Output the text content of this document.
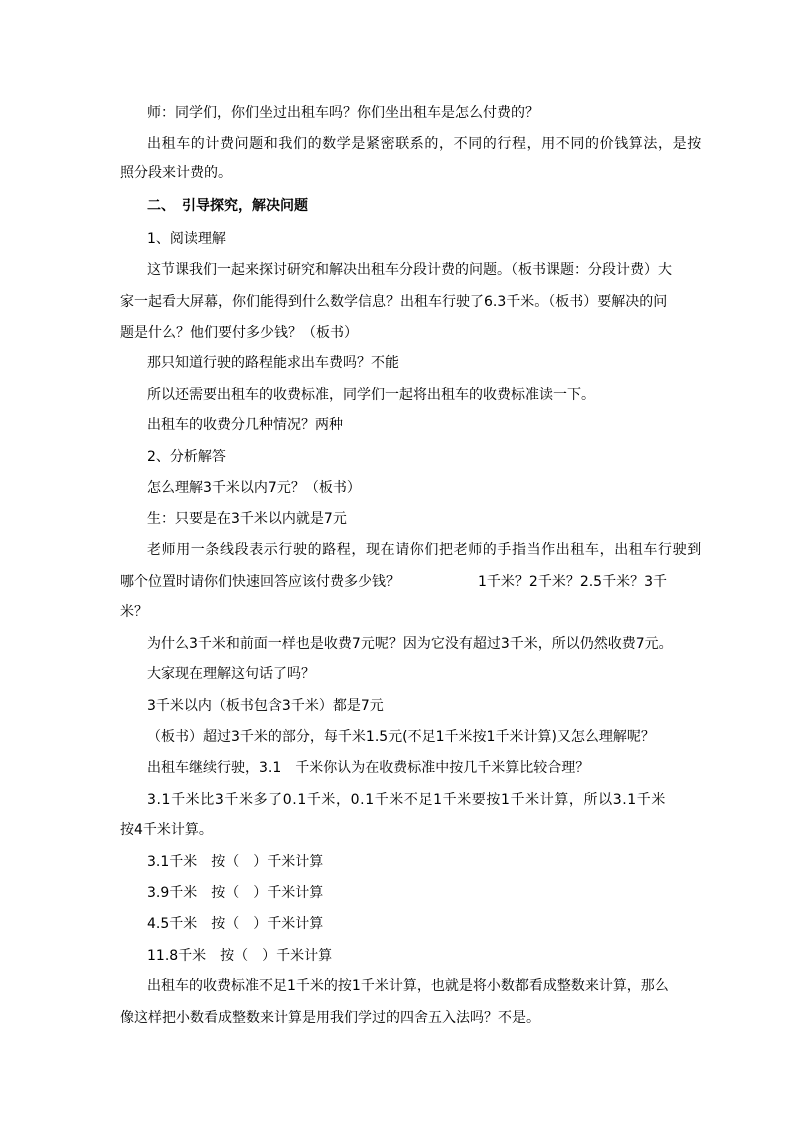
师：同学们，你们坐过出租车吗？你们坐出租车是怎么付费的？
出租车的计费问题和我们的数学是紧密联系的，不同的行程，用不同的价钱算法，是按
照分段来计费的。
二、　引导探究，解决问题
1、阅读理解
这节课我们一起来探讨研究和解决出租车分段计费的问题。（板书课题：分段计费）大
家一起看大屏幕，你们能得到什么数学信息？出租车行驶了6.3千米。（板书）要解决的问
题是什么？他们要付多少钱？（板书）
那只知道行驶的路程能求出车费吗？不能
所以还需要出租车的收费标准，同学们一起将出租车的收费标准读一下。
出租车的收费分几种情况？两种
2、分析解答
怎么理解3千米以内7元？（板书）
生：只要是在3千米以内就是7元
老师用一条线段表示行驶的路程，现在请你们把老师的手指当作出租车，出租车行驶到
哪个位置时请你们快速回答应该付费多少钱？	1千米？2千米？2.5千米？3千
米？
为什么3千米和前面一样也是收费7元呢？因为它没有超过3千米，所以仍然收费7元。
大家现在理解这句话了吗？
3千米以内（板书包含3千米）都是7元
（板书）超过3千米的部分，每千米1.5元(不足1千米按1千米计算)又怎么理解呢？
出租车继续行驶，3.1　千米你认为在收费标准中按几千米算比较合理？
3.1千米比3千米多了0.1千米，0.1千米不足1千米要按1千米计算，所以3.1千米
按4千米计算。
3.1千米　按（　）千米计算
3.9千米　按（　）千米计算
4.5千米　按（　）千米计算
11.8千米　按（　）千米计算
出租车的收费标准不足1千米的按1千米计算，也就是将小数都看成整数来计算，那么
像这样把小数看成整数来计算是用我们学过的四舍五入法吗？不是。
